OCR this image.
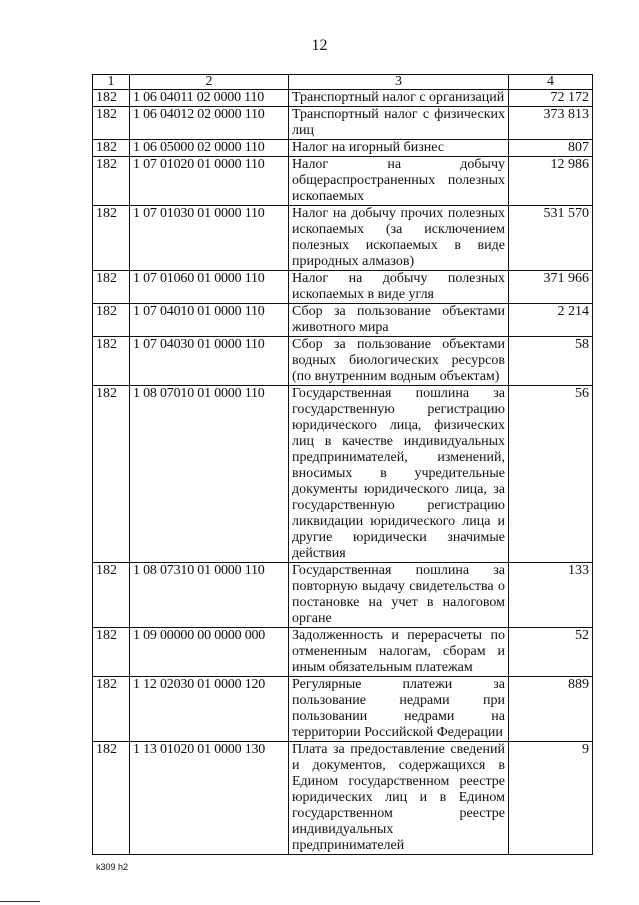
12
1	2	3	4
182	1 06 04011 02 0000 110	Транспортный налог с организаций	72 172
182	1 06 04012 02 0000 110	Транспортный налог с физических лиц	373 813
182	1 06 05000 02 0000 110	Налог на игорный бизнес	807
182	1 07 01020 01 0000 110	Налог на добычу общераспространенных полезных ископаемых	12 986
182	1 07 01030 01 0000 110	Налог на добычу прочих полезных ископаемых (за исключением полезных ископаемых в виде природных алмазов)	531 570
182	1 07 01060 01 0000 110	Налог на добычу полезных ископаемых в виде угля	371 966
182	1 07 04010 01 0000 110	Сбор за пользование объектами животного мира	2 214
182	1 07 04030 01 0000 110	Сбор за пользование объектами водных биологических ресурсов (по внутренним водным объектам)	58
182	1 08 07010 01 0000 110	Государственная пошлина за государственную регистрацию юридического лица, физических лиц в качестве индивидуальных предпринимателей, изменений, вносимых в учредительные документы юридического лица, за государственную регистрацию ликвидации юридического лица и другие юридически значимые действия	56
182	1 08 07310 01 0000 110	Государственная пошлина за повторную выдачу свидетельства о постановке на учет в налоговом органе	133
182	1 09 00000 00 0000 000	Задолженность и перерасчеты по отмененным налогам, сборам и иным обязательным платежам	52
182	1 12 02030 01 0000 120	Регулярные платежи за пользование недрами при пользовании недрами на территории Российской Федерации	889
182	1 13 01020 01 0000 130	Плата за предоставление сведений и документов, содержащихся в Едином государственном реестре юридических лиц и в Едином государственном реестре индивидуальных предпринимателей	9
k309 h2
